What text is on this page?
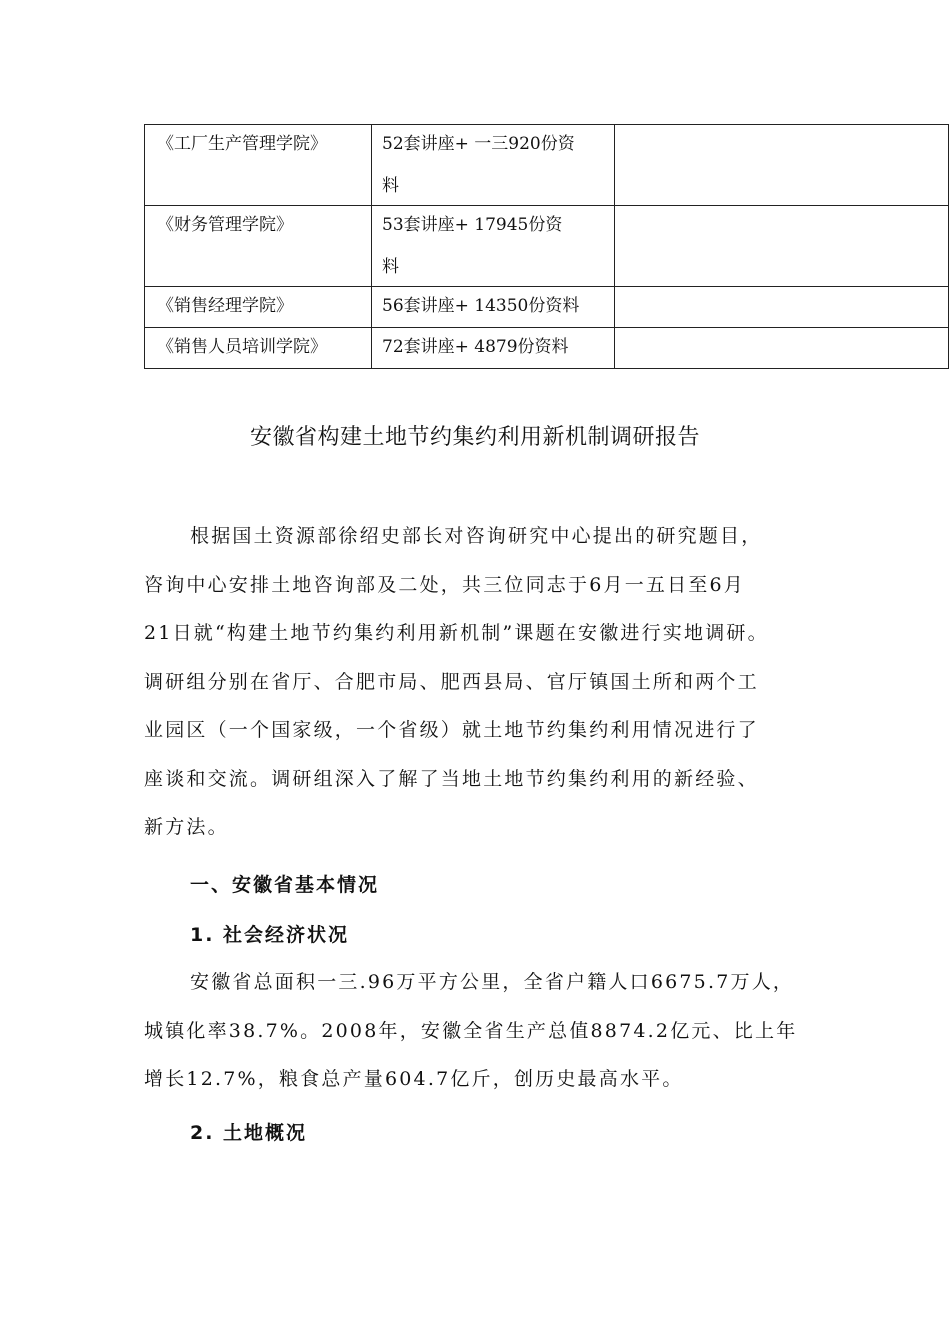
《工厂生产管理学院》	52套讲座+ 一三920份资
料	

《财务管理学院》	53套讲座+ 17945份资
料	

《销售经理学院》	56套讲座+ 14350份资料	
《销售人员培训学院》	72套讲座+ 4879份资料	
安徽省构建土地节约集约利用新机制调研报告
根据国土资源部徐绍史部长对咨询研究中心提出的研究题目，
咨询中心安排土地咨询部及二处，共三位同志于6月一五日至6月
21日就“构建土地节约集约利用新机制”课题在安徽进行实地调研。
调研组分别在省厅、合肥市局、肥西县局、官厅镇国土所和两个工
业园区（一个国家级，一个省级）就土地节约集约利用情况进行了
座谈和交流。调研组深入了解了当地土地节约集约利用的新经验、
新方法。
一、安徽省基本情况
1. 社会经济状况
安徽省总面积一三.96万平方公里，全省户籍人口6675.7万人，
城镇化率38.7%。2008年，安徽全省生产总值8874.2亿元、比上年
增长12.7%，粮食总产量604.7亿斤，创历史最高水平。
2. 土地概况
